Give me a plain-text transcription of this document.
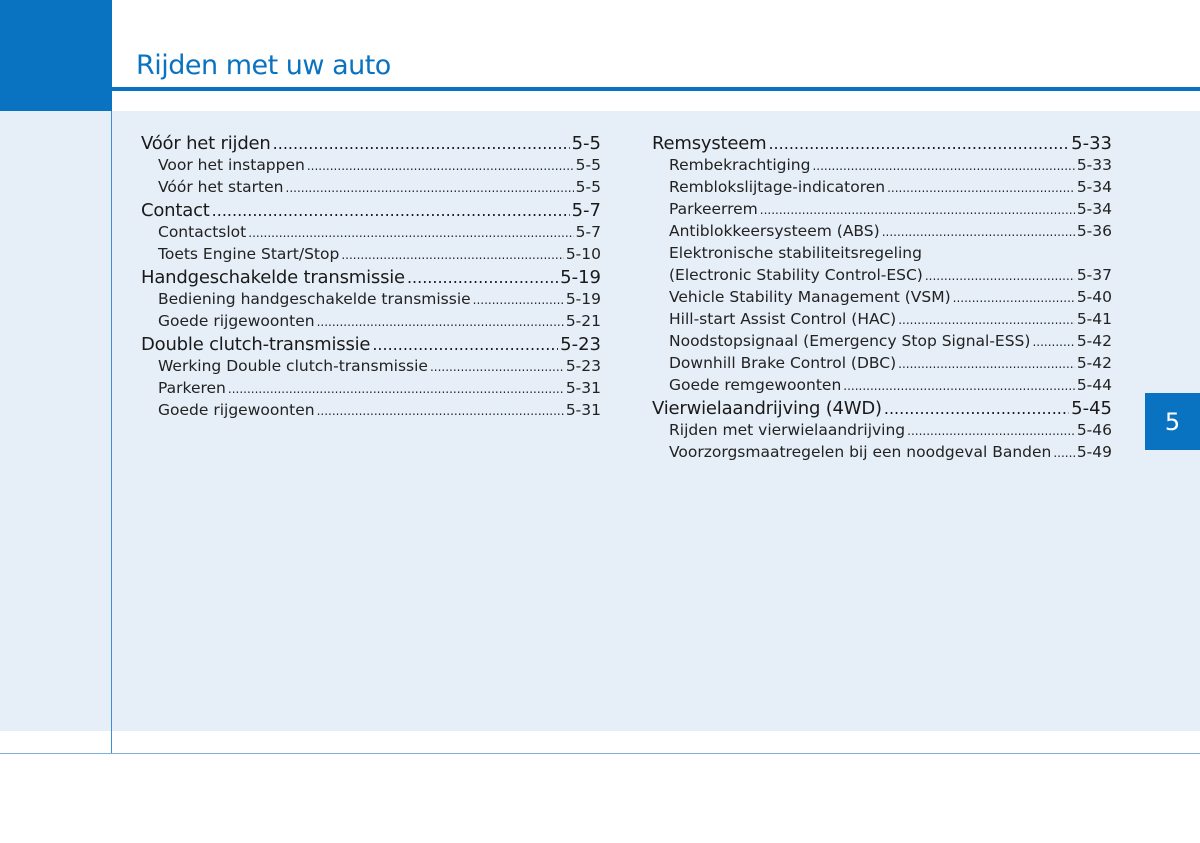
Rijden met uw auto
Vóór het rijden .....	5-5
Voor het instappen .....	5-5
Vóór het starten .....	5-5
Contact .....	5-7
Contactslot .....	5-7
Toets Engine Start/Stop .....	5-10
Handgeschakelde transmissie .....	5-19
Bediening handgeschakelde transmissie .....	5-19
Goede rijgewoonten .....	5-21
Double clutch-transmissie .....	5-23
Werking Double clutch-transmissie .....	5-23
Parkeren .....	5-31
Goede rijgewoonten .....	5-31
Remsysteem .....	5-33
Rembekrachtiging .....	5-33
Remblokslijtage-indicatoren .....	5-34
Parkeerrem .....	5-34
Antiblokkeersysteem (ABS) .....	5-36
Elektronische stabiliteitsregeling
(Electronic Stability Control-ESC) .....	5-37
Vehicle Stability Management (VSM) .....	5-40
Hill-start Assist Control (HAC) .....	5-41
Noodstopsignaal (Emergency Stop Signal-ESS) .....	5-42
Downhill Brake Control (DBC) .....	5-42
Goede remgewoonten .....	5-44
Vierwielaandrijving (4WD) .....	5-45
Rijden met vierwielaandrijving .....	5-46
Voorzorgsmaatregelen bij een noodgeval Banden ..... 5-49
5
